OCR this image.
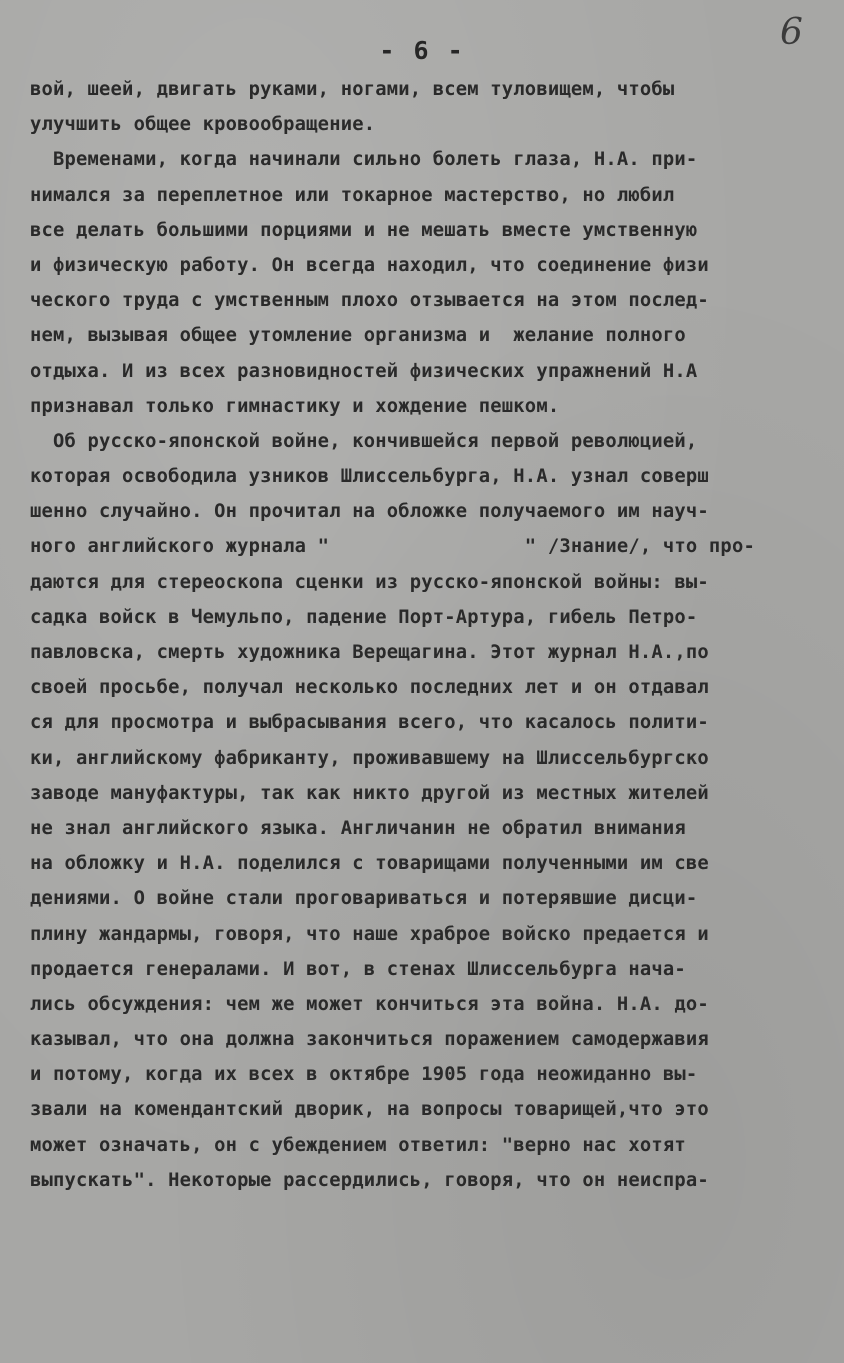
- 6 -	6
вой, шеей, двигать руками, ногами, всем туловищем, чтобы
улучшить общее кровообращение.
Временами, когда начинали сильно болеть глаза, Н.А. при-
нимался за переплетное или токарное мастерство, но любил
все делать большими порциями и не мешать вместе умственную
и физическую работу. Он всегда находил, что соединение физи
ческого труда с умственным плохо отзывается на этом послед-
нем, вызывая общее утомление организма и  желание полного
отдыха. И из всех разновидностей физических упражнений Н.А
признавал только гимнастику и хождение пешком.
Об русско-японской войне, кончившейся первой революцией,
которая освободила узников Шлиссельбурга, Н.А. узнал соверш
шенно случайно. Он прочитал на обложке получаемого им науч-
ного английского журнала "                 " /Знание/, что про-
даются для стереоскопа сценки из русско-японской войны: вы-
садка войск в Чемульпо, падение Порт-Артура, гибель Петро-
павловска, смерть художника Верещагина. Этот журнал Н.А.,по
своей просьбе, получал несколько последних лет и он отдавал
ся для просмотра и выбрасывания всего, что касалось полити-
ки, английскому фабриканту, проживавшему на Шлиссельбургско
заводе мануфактуры, так как никто другой из местных жителей
не знал английского языка. Англичанин не обратил внимания
на обложку и Н.А. поделился с товарищами полученными им све
дениями. О войне стали проговариваться и потерявшие дисци-
плину жандармы, говоря, что наше храброе войско предается и
продается генералами. И вот, в стенах Шлиссельбурга нача-
лись обсуждения: чем же может кончиться эта война. Н.А. до-
казывал, что она должна закончиться поражением самодержавия
и потому, когда их всех в октябре 1905 года неожиданно вы-
звали на комендантский дворик, на вопросы товарищей,что это
может означать, он с убеждением ответил: "верно нас хотят
выпускать". Некоторые рассердились, говоря, что он неиспра-
